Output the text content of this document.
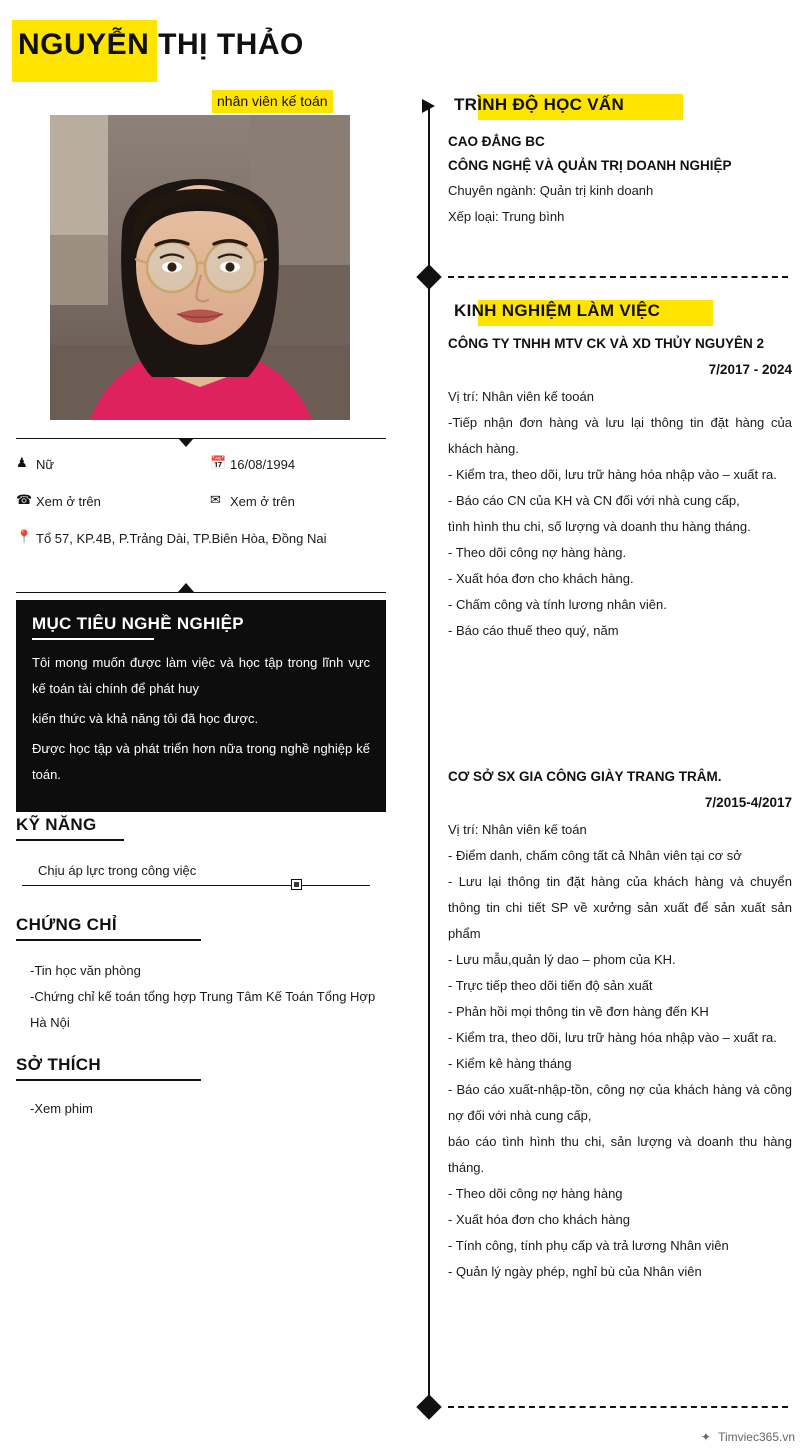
NGUYỄN THỊ THẢO
nhân viên kế toán
♟ Nữ	📅 16/08/1994
☎ Xem ở trên	✉ Xem ở trên
📍 Tổ 57, KP.4B, P.Trảng Dài, TP.Biên Hòa, Đồng Nai
MỤC TIÊU NGHỀ NGHIỆP

Tôi mong muốn được làm việc và học tập trong lĩnh vực kế toán tài chính để phát huy

kiến thức và khả năng tôi đã học được.

Được học tập và phát triển hơn nữa trong nghề nghiệp kế toán.

KỸ NĂNG

Chịu áp lực trong công việc

CHỨNG CHỈ

-Tin học văn phòng

-Chứng chỉ kế toán tổng hợp Trung Tâm Kế Toán Tổng Hợp Hà Nội

SỞ THÍCH

-Xem phim

TRÌNH ĐỘ HỌC VẤN
CAO ĐẲNG BC
CÔNG NGHỆ VÀ QUẢN TRỊ DOANH NGHIỆP
Chuyên ngành: Quản trị kinh doanh
Xếp loại: Trung bình
KINH NGHIỆM LÀM VIỆC
CÔNG TY TNHH MTV CK VÀ XD THỦY NGUYÊN 2
7/2017 - 2024
Vị trí: Nhân viên kế tooán
-Tiếp nhận đơn hàng và lưu lại thông tin đặt hàng của khách hàng.
- Kiểm tra, theo dõi, lưu trữ hàng hóa nhập vào – xuất ra.
- Báo cáo CN của KH và CN đối với nhà cung cấp,
tình hình thu chi, số lượng và doanh thu hàng tháng.
- Theo dõi công nợ hàng hàng.
- Xuất hóa đơn cho khách hàng.
- Chấm công và tính lương nhân viên.
- Báo cáo thuế theo quý, năm
CƠ SỞ SX GIA CÔNG GIÀY TRANG TRÂM.
7/2015-4/2017
Vị trí: Nhân viên kế toán
- Điểm danh, chấm công tất cả Nhân viên tại cơ sở
- Lưu lại thông tin đặt hàng của khách hàng và chuyển thông tin chi tiết SP về xưởng sản xuất để sản xuất sản phẩm
- Lưu mẫu,quản lý dao – phom của KH.
- Trực tiếp theo dõi tiến độ sản xuất
- Phản hồi mọi thông tin về đơn hàng đến KH
- Kiểm tra, theo dõi, lưu trữ hàng hóa nhập vào – xuất ra.
- Kiểm kê hàng tháng
- Báo cáo xuất-nhập-tồn, công nợ của khách hàng và công nợ đối với nhà cung cấp,
báo cáo tình hình thu chi, sản lượng và doanh thu hàng tháng.
- Theo dõi công nợ hàng hàng
- Xuất hóa đơn cho khách hàng
- Tính công, tính phụ cấp và trả lương Nhân viên
- Quản lý ngày phép, nghỉ bù của Nhân viên
✦ Timviec365.vn
